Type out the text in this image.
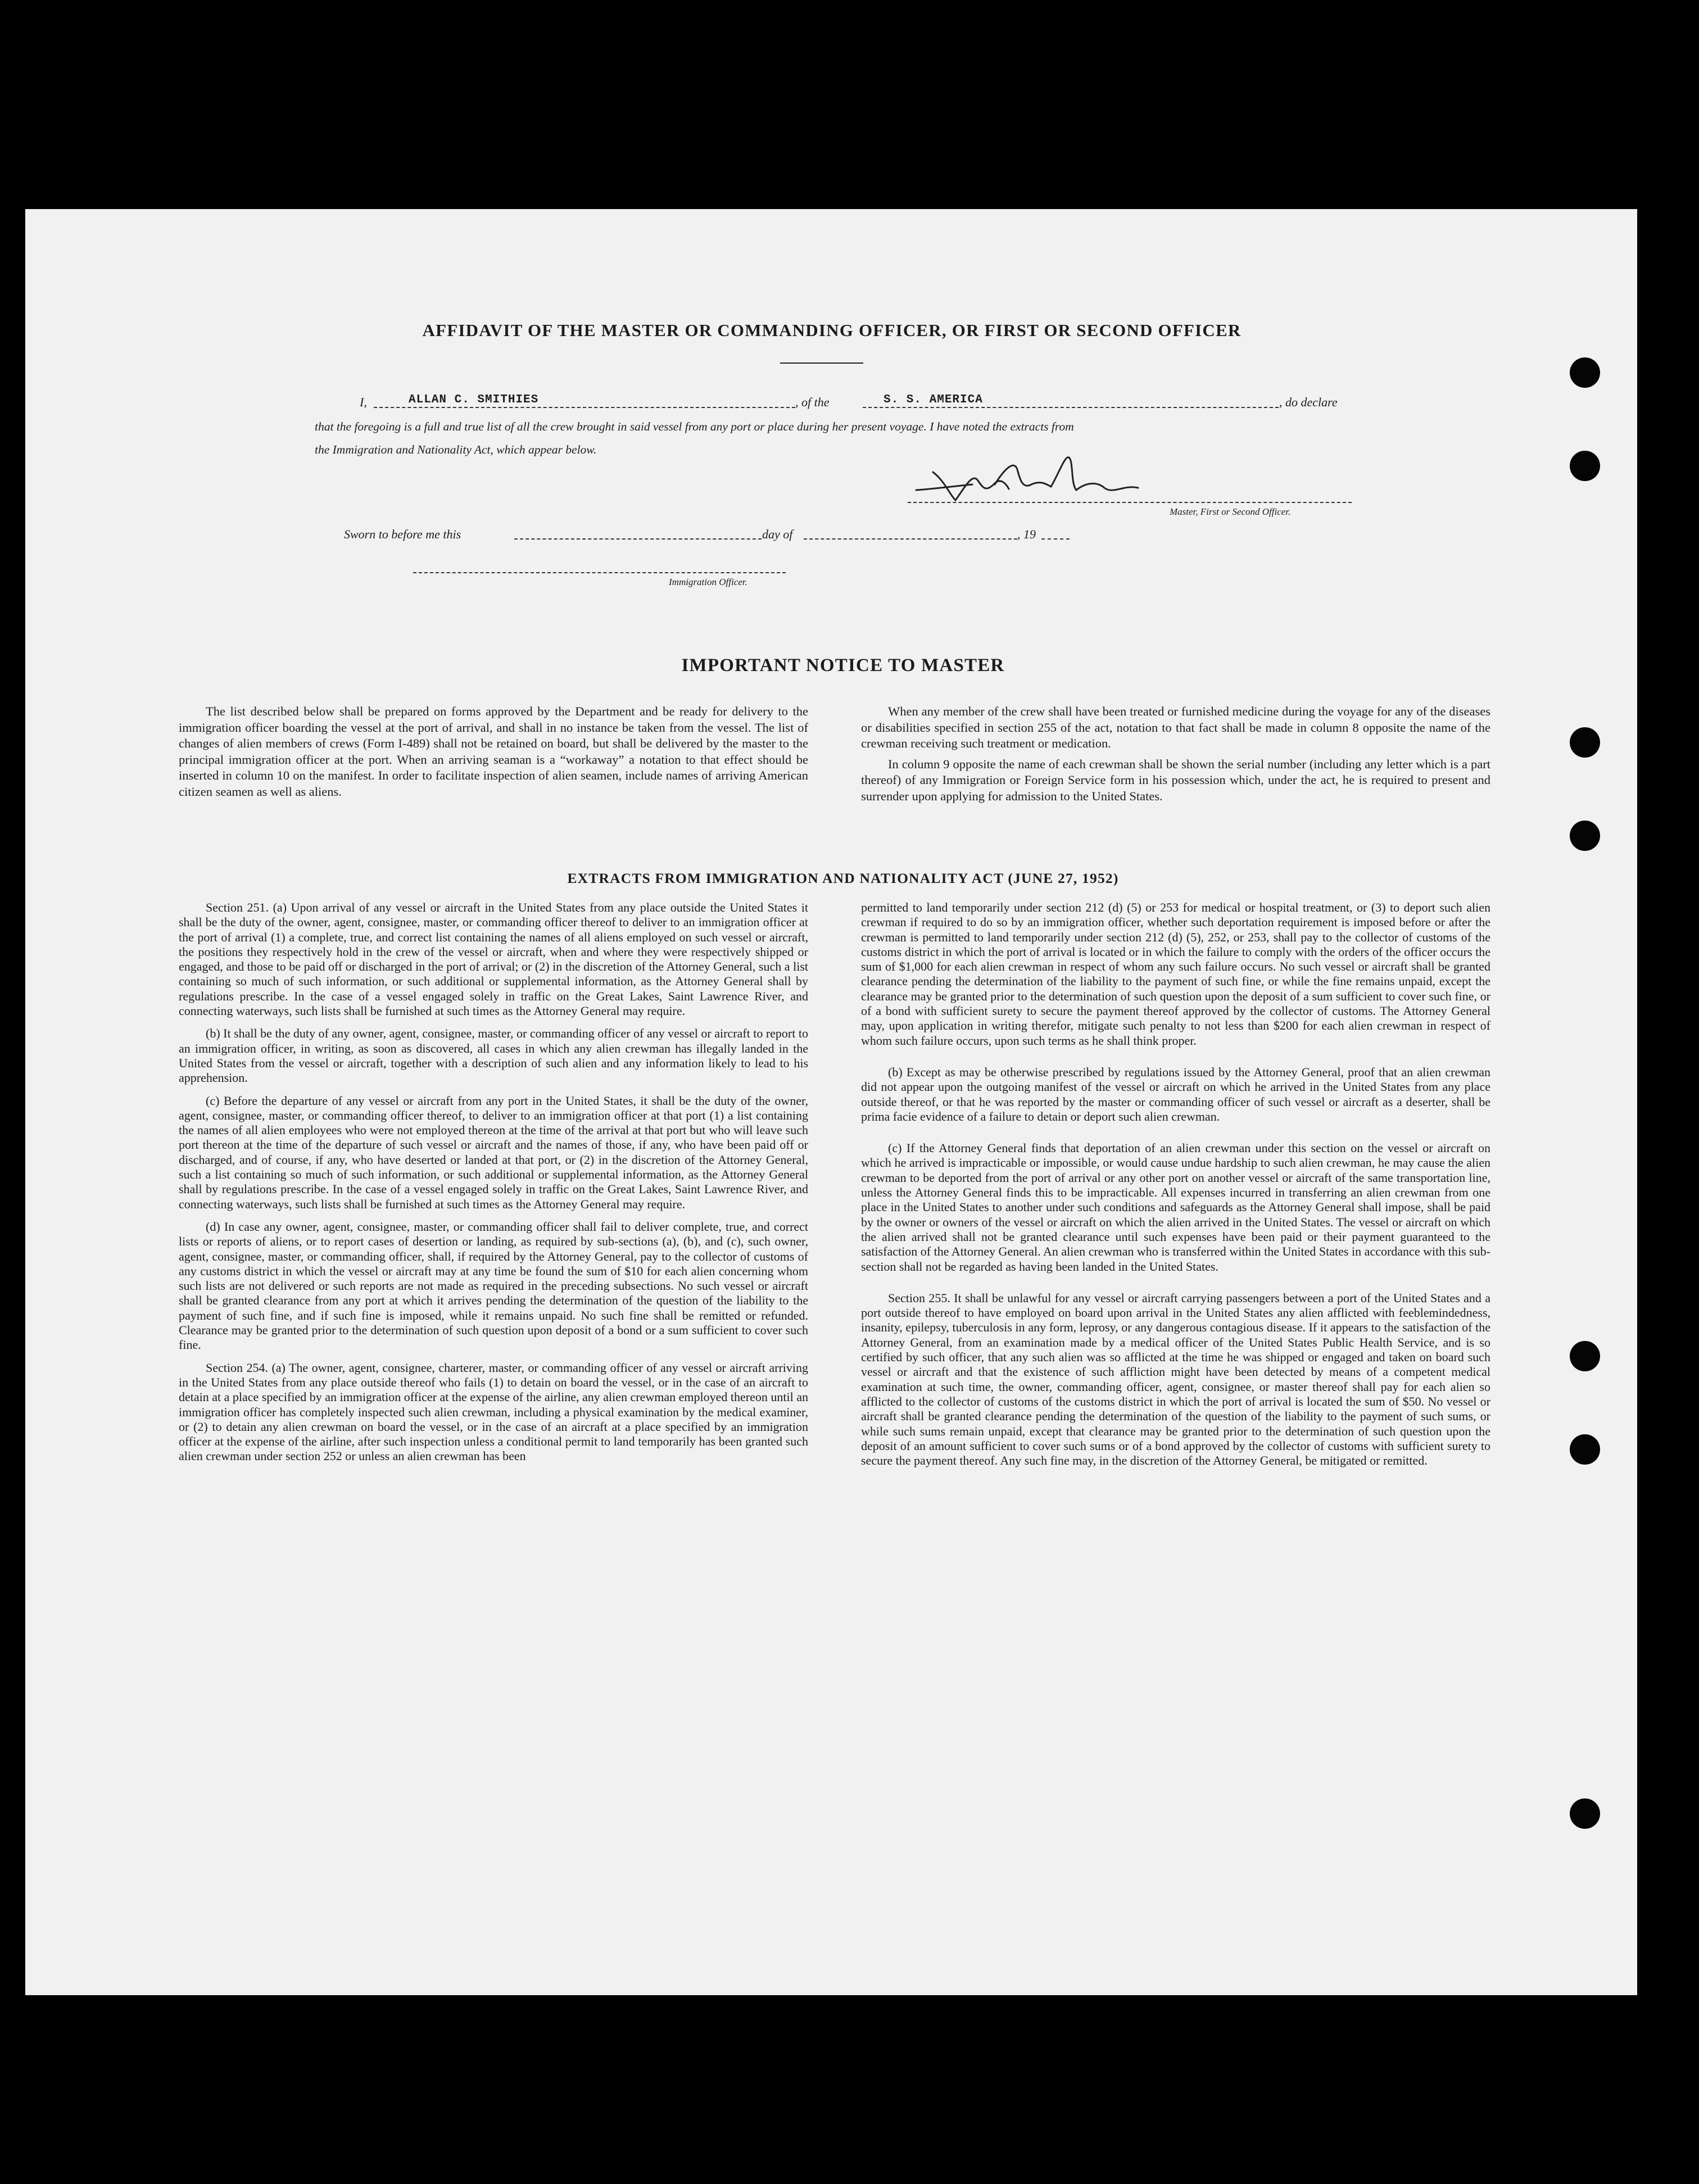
AFFIDAVIT OF THE MASTER OR COMMANDING OFFICER, OR FIRST OR SECOND OFFICER
I,	ALLAN C. SMITHIES	, of the	S. S. AMERICA	, do declare
that the foregoing is a full and true list of all the crew brought in said vessel from any port or place during her present voyage. I have noted the extracts from
the Immigration and Nationality Act, which appear below.
Master, First or Second Officer.
Sworn to before me this	day of	, 19
Immigration Officer.
IMPORTANT NOTICE TO MASTER

The list described below shall be prepared on forms approved by the Department and be ready for delivery to the immigration officer boarding the vessel at the port of arrival, and shall in no instance be taken from the vessel. The list of changes of alien members of crews (Form I-489) shall not be retained on board, but shall be delivered by the master to the principal immigration officer at the port. When an arriving seaman is a “workaway” a notation to that effect should be inserted in column 10 on the manifest. In order to facilitate inspection of alien seamen, include names of arriving American citizen seamen as well as aliens.

When any member of the crew shall have been treated or furnished medicine during the voyage for any of the diseases or disabilities specified in section 255 of the act, notation to that fact shall be made in column 8 opposite the name of the crewman receiving such treatment or medication.

In column 9 opposite the name of each crewman shall be shown the serial number (including any letter which is a part thereof) of any Immigration or Foreign Service form in his possession which, under the act, he is required to present and surrender upon applying for admission to the United States.

EXTRACTS FROM IMMIGRATION AND NATIONALITY ACT (JUNE 27, 1952)

Section 251. (a) Upon arrival of any vessel or aircraft in the United States from any place outside the United States it shall be the duty of the owner, agent, consignee, master, or commanding officer thereof to deliver to an immigration officer at the port of arrival (1) a complete, true, and correct list containing the names of all aliens employed on such vessel or aircraft, the positions they respectively hold in the crew of the vessel or aircraft, when and where they were respectively shipped or engaged, and those to be paid off or discharged in the port of arrival; or (2) in the discretion of the Attorney General, such a list containing so much of such information, or such additional or supplemental information, as the Attorney General shall by regulations prescribe. In the case of a vessel engaged solely in traffic on the Great Lakes, Saint Lawrence River, and connecting waterways, such lists shall be furnished at such times as the Attorney General may require.

(b) It shall be the duty of any owner, agent, consignee, master, or commanding officer of any vessel or aircraft to report to an immigration officer, in writing, as soon as discovered, all cases in which any alien crewman has illegally landed in the United States from the vessel or aircraft, together with a description of such alien and any information likely to lead to his apprehension.

(c) Before the departure of any vessel or aircraft from any port in the United States, it shall be the duty of the owner, agent, consignee, master, or commanding officer thereof, to deliver to an immigration officer at that port (1) a list containing the names of all alien employees who were not employed thereon at the time of the arrival at that port but who will leave such port thereon at the time of the departure of such vessel or aircraft and the names of those, if any, who have been paid off or discharged, and of course, if any, who have deserted or landed at that port, or (2) in the discretion of the Attorney General, such a list containing so much of such information, or such additional or supplemental information, as the Attorney General shall by regulations prescribe. In the case of a vessel engaged solely in traffic on the Great Lakes, Saint Lawrence River, and connecting waterways, such lists shall be furnished at such times as the Attorney General may require.

(d) In case any owner, agent, consignee, master, or commanding officer shall fail to deliver complete, true, and correct lists or reports of aliens, or to report cases of desertion or landing, as required by sub-sections (a), (b), and (c), such owner, agent, consignee, master, or commanding officer, shall, if required by the Attorney General, pay to the collector of customs of any customs district in which the vessel or aircraft may at any time be found the sum of $10 for each alien concerning whom such lists are not delivered or such reports are not made as required in the preceding subsections. No such vessel or aircraft shall be granted clearance from any port at which it arrives pending the determination of the question of the liability to the payment of such fine, and if such fine is imposed, while it remains unpaid. No such fine shall be remitted or refunded. Clearance may be granted prior to the determination of such question upon deposit of a bond or a sum sufficient to cover such fine.

Section 254. (a) The owner, agent, consignee, charterer, master, or commanding officer of any vessel or aircraft arriving in the United States from any place outside thereof who fails (1) to detain on board the vessel, or in the case of an aircraft to detain at a place specified by an immigration officer at the expense of the airline, any alien crewman employed thereon until an immigration officer has completely inspected such alien crewman, including a physical examination by the medical examiner, or (2) to detain any alien crewman on board the vessel, or in the case of an aircraft at a place specified by an immigration officer at the expense of the airline, after such inspection unless a conditional permit to land temporarily has been granted such alien crewman under section 252 or unless an alien crewman has been

permitted to land temporarily under section 212 (d) (5) or 253 for medical or hospital treatment, or (3) to deport such alien crewman if required to do so by an immigration officer, whether such deportation requirement is imposed before or after the crewman is permitted to land temporarily under section 212 (d) (5), 252, or 253, shall pay to the collector of customs of the customs district in which the port of arrival is located or in which the failure to comply with the orders of the officer occurs the sum of $1,000 for each alien crewman in respect of whom any such failure occurs. No such vessel or aircraft shall be granted clearance pending the determination of the liability to the payment of such fine, or while the fine remains unpaid, except the clearance may be granted prior to the determination of such question upon the deposit of a sum sufficient to cover such fine, or of a bond with sufficient surety to secure the payment thereof approved by the collector of customs. The Attorney General may, upon application in writing therefor, mitigate such penalty to not less than $200 for each alien crewman in respect of whom such failure occurs, upon such terms as he shall think proper.

(b) Except as may be otherwise prescribed by regulations issued by the Attorney General, proof that an alien crewman did not appear upon the outgoing manifest of the vessel or aircraft on which he arrived in the United States from any place outside thereof, or that he was reported by the master or commanding officer of such vessel or aircraft as a deserter, shall be prima facie evidence of a failure to detain or deport such alien crewman.

(c) If the Attorney General finds that deportation of an alien crewman under this section on the vessel or aircraft on which he arrived is impracticable or impossible, or would cause undue hardship to such alien crewman, he may cause the alien crewman to be deported from the port of arrival or any other port on another vessel or aircraft of the same transportation line, unless the Attorney General finds this to be impracticable. All expenses incurred in transferring an alien crewman from one place in the United States to another under such conditions and safeguards as the Attorney General shall impose, shall be paid by the owner or owners of the vessel or aircraft on which the alien arrived in the United States. The vessel or aircraft on which the alien arrived shall not be granted clearance until such expenses have been paid or their payment guaranteed to the satisfaction of the Attorney General. An alien crewman who is transferred within the United States in accordance with this sub-section shall not be regarded as having been landed in the United States.

Section 255. It shall be unlawful for any vessel or aircraft carrying passengers between a port of the United States and a port outside thereof to have employed on board upon arrival in the United States any alien afflicted with feeblemindedness, insanity, epilepsy, tuberculosis in any form, leprosy, or any dangerous contagious disease. If it appears to the satisfaction of the Attorney General, from an examination made by a medical officer of the United States Public Health Service, and is so certified by such officer, that any such alien was so afflicted at the time he was shipped or engaged and taken on board such vessel or aircraft and that the existence of such affliction might have been detected by means of a competent medical examination at such time, the owner, commanding officer, agent, consignee, or master thereof shall pay for each alien so afflicted to the collector of customs of the customs district in which the port of arrival is located the sum of $50. No vessel or aircraft shall be granted clearance pending the determination of the question of the liability to the payment of such sums, or while such sums remain unpaid, except that clearance may be granted prior to the determination of such question upon the deposit of an amount sufficient to cover such sums or of a bond approved by the collector of customs with sufficient surety to secure the payment thereof. Any such fine may, in the discretion of the Attorney General, be mitigated or remitted.
